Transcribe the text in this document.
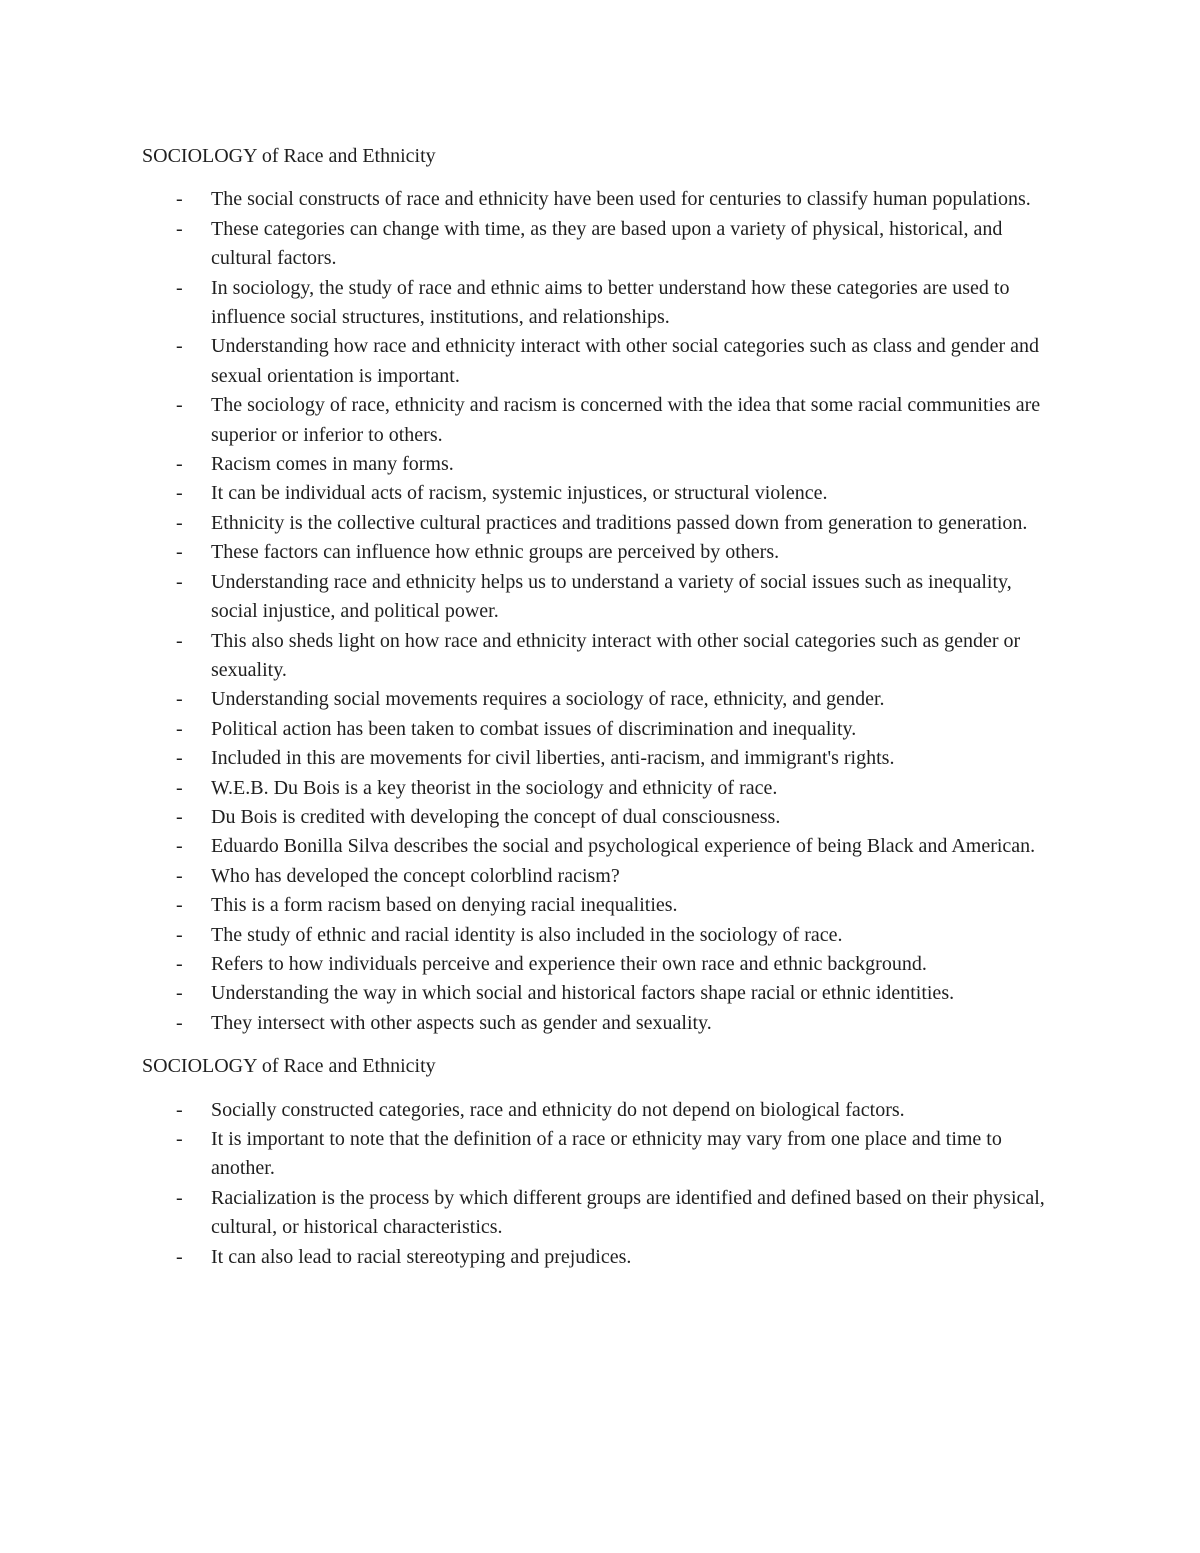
SOCIOLOGY of Race and Ethnicity
- The social constructs of race and ethnicity have been used for centuries to classify human populations.
- These categories can change with time, as they are based upon a variety of physical, historical, and cultural factors.
- In sociology, the study of race and ethnic aims to better understand how these categories are used to influence social structures, institutions, and relationships.
- Understanding how race and ethnicity interact with other social categories such as class and gender and sexual orientation is important.
- The sociology of race, ethnicity and racism is concerned with the idea that some racial communities are superior or inferior to others.
- Racism comes in many forms.
- It can be individual acts of racism, systemic injustices, or structural violence.
- Ethnicity is the collective cultural practices and traditions passed down from generation to generation.
- These factors can influence how ethnic groups are perceived by others.
- Understanding race and ethnicity helps us to understand a variety of social issues such as inequality, social injustice, and political power.
- This also sheds light on how race and ethnicity interact with other social categories such as gender or sexuality.
- Understanding social movements requires a sociology of race, ethnicity, and gender.
- Political action has been taken to combat issues of discrimination and inequality.
- Included in this are movements for civil liberties, anti-racism, and immigrant's rights.
- W.E.B. Du Bois is a key theorist in the sociology and ethnicity of race.
- Du Bois is credited with developing the concept of dual consciousness.
- Eduardo Bonilla Silva describes the social and psychological experience of being Black and American.
- Who has developed the concept colorblind racism?
- This is a form racism based on denying racial inequalities.
- The study of ethnic and racial identity is also included in the sociology of race.
- Refers to how individuals perceive and experience their own race and ethnic background.
- Understanding the way in which social and historical factors shape racial or ethnic identities.
- They intersect with other aspects such as gender and sexuality.
SOCIOLOGY of Race and Ethnicity
- Socially constructed categories, race and ethnicity do not depend on biological factors.
- It is important to note that the definition of a race or ethnicity may vary from one place and time to another.
- Racialization is the process by which different groups are identified and defined based on their physical, cultural, or historical characteristics.
- It can also lead to racial stereotyping and prejudices.
